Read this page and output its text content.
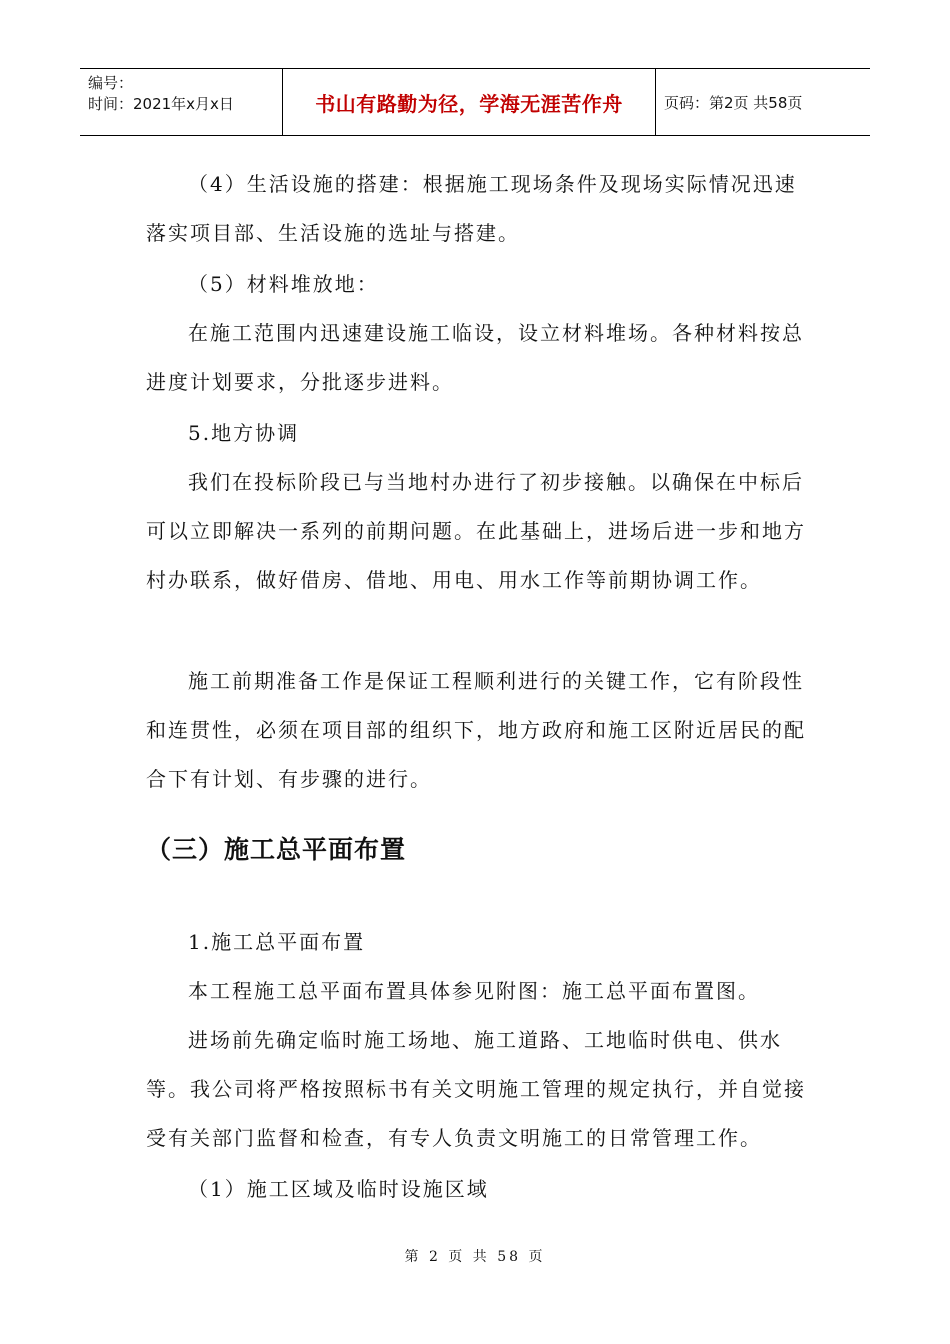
编号：
时间：2021年x月x日	书山有路勤为径，学海无涯苦作舟	页码：第2页 共58页

（4）生活设施的搭建：根据施工现场条件及现场实际情况迅速落实项目部、生活设施的选址与搭建。

（5）材料堆放地：

在施工范围内迅速建设施工临设，设立材料堆场。各种材料按总进度计划要求，分批逐步进料。

5.地方协调

我们在投标阶段已与当地村办进行了初步接触。以确保在中标后可以立即解决一系列的前期问题。在此基础上，进场后进一步和地方村办联系，做好借房、借地、用电、用水工作等前期协调工作。

施工前期准备工作是保证工程顺利进行的关键工作，它有阶段性和连贯性，必须在项目部的组织下，地方政府和施工区附近居民的配合下有计划、有步骤的进行。

（三）施工总平面布置

1.施工总平面布置

本工程施工总平面布置具体参见附图：施工总平面布置图。

进场前先确定临时施工场地、施工道路、工地临时供电、供水等。我公司将严格按照标书有关文明施工管理的规定执行，并自觉接受有关部门监督和检查，有专人负责文明施工的日常管理工作。

（1）施工区域及临时设施区域

第 2 页 共 58 页
